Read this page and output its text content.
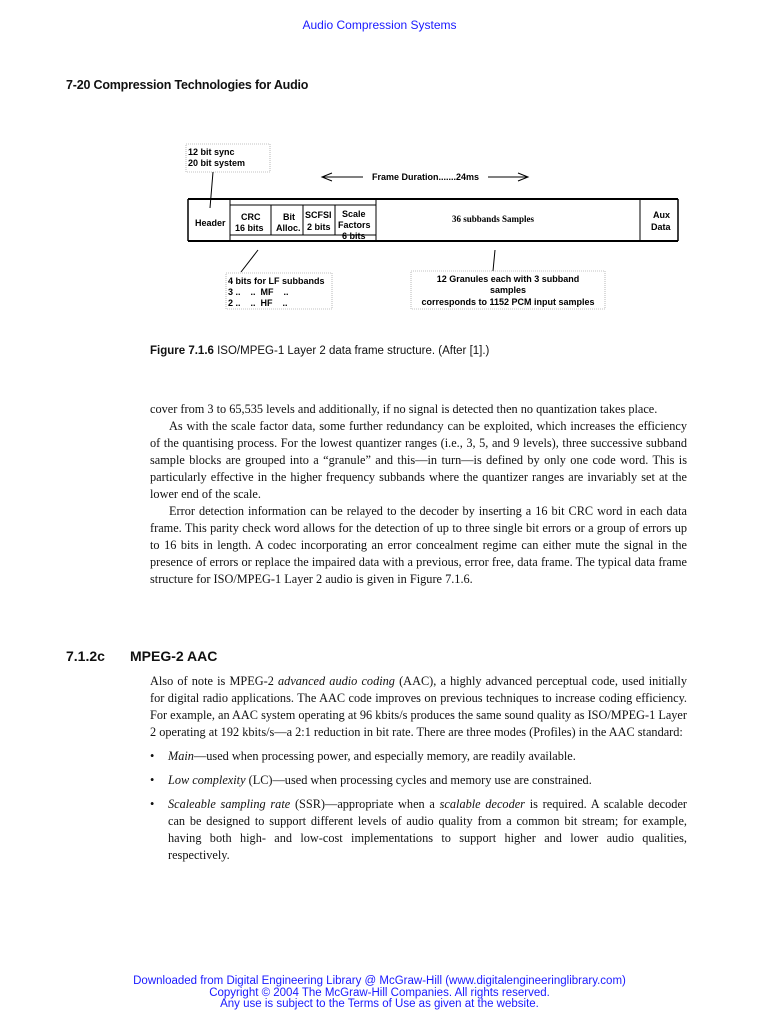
Audio Compression Systems
7-20 Compression Technologies for Audio
12 bit sync
20 bit system
Frame Duration.......24ms
Header
CRC
16 bits
Bit
Alloc.
SCFSI
2 bits
Scale
Factors
6 bits
36 subbands Samples	Aux
Data
4 bits for LF subbands
3 ..    ..  MF    ..
2 ..    ..  HF    ..
12 Granules each with 3 subband
samples
corresponds to 1152 PCM input samples
Figure 7.1.6 ISO/MPEG-1 Layer 2 data frame structure. (After [1].)

cover from 3 to 65,535 levels and additionally, if no signal is detected then no quantization takes place.

As with the scale factor data, some further redundancy can be exploited, which increases the efficiency of the quantising process. For the lowest quantizer ranges (i.e., 3, 5, and 9 levels), three successive subband sample blocks are grouped into a “granule” and this—in turn—is defined by only one code word. This is particularly effective in the higher frequency subbands where the quantizer ranges are invariably set at the lower end of the scale.

Error detection information can be relayed to the decoder by inserting a 16 bit CRC word in each data frame. This parity check word allows for the detection of up to three single bit errors or a group of errors up to 16 bits in length. A codec incorporating an error concealment regime can either mute the signal in the presence of errors or replace the impaired data with a previous, error free, data frame. The typical data frame structure for ISO/MPEG-1 Layer 2 audio is given in Figure 7.1.6.

7.1.2c MPEG-2 AAC

Also of note is MPEG-2 advanced audio coding (AAC), a highly advanced perceptual code, used initially for digital radio applications. The AAC code improves on previous techniques to increase coding efficiency. For example, an AAC system operating at 96 kbits/s produces the same sound quality as ISO/MPEG-1 Layer 2 operating at 192 kbits/s—a 2:1 reduction in bit rate. There are three modes (Profiles) in the AAC standard:

• Main—used when processing power, and especially memory, are readily available.
• Low complexity (LC)—used when processing cycles and memory use are constrained.
• Scaleable sampling rate (SSR)—appropriate when a scalable decoder is required. A scalable decoder can be designed to support different levels of audio quality from a common bit stream; for example, having both high- and low-cost implementations to support higher and lower audio qualities, respectively.
Downloaded from Digital Engineering Library @ McGraw-Hill (www.digitalengineeringlibrary.com)
Copyright © 2004 The McGraw-Hill Companies. All rights reserved.
Any use is subject to the Terms of Use as given at the website.
